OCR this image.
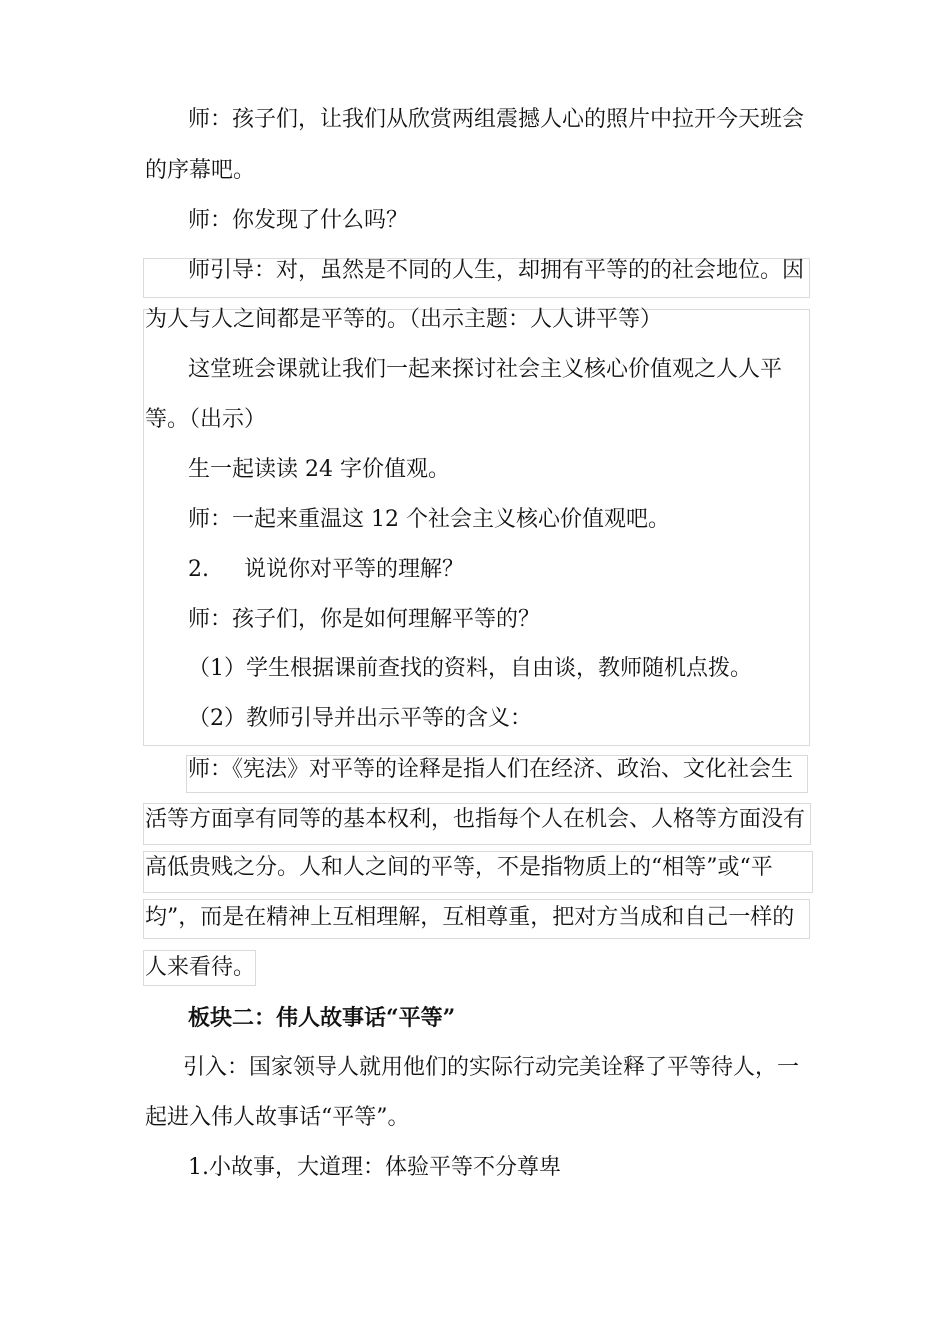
师：孩子们，让我们从欣赏两组震撼人心的照片中拉开今天班会
的序幕吧。
师：你发现了什么吗？
师引导：对，虽然是不同的人生，却拥有平等的的社会地位。因
为人与人之间都是平等的。（出示主题：人人讲平等）
这堂班会课就让我们一起来探讨社会主义核心价值观之人人平
等。（出示）
生一起读读 24 字价值观。
师：一起来重温这 12 个社会主义核心价值观吧。
2.     说说你对平等的理解？
师：孩子们，你是如何理解平等的？
（1）学生根据课前查找的资料，自由谈，教师随机点拨。
（2）教师引导并出示平等的含义：
师：《宪法》对平等的诠释是指人们在经济、政治、文化社会生
活等方面享有同等的基本权利，也指每个人在机会、人格等方面没有
高低贵贱之分。人和人之间的平等，不是指物质上的“相等”或“平
均”，而是在精神上互相理解，互相尊重，把对方当成和自己一样的
人来看待。
板块二：伟人故事话“平等”
引入：国家领导人就用他们的实际行动完美诠释了平等待人，一
起进入伟人故事话“平等”。
1.小故事，大道理：体验平等不分尊卑
